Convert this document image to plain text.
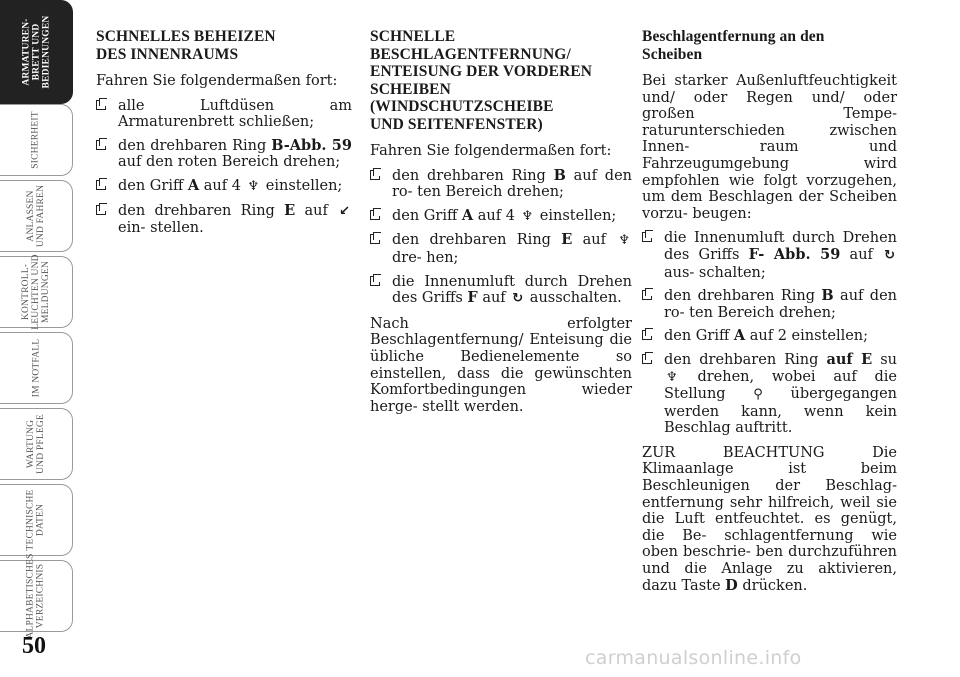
ARMATUREN-
BRETT UND
BEDIENUNGEN
SICHERHEIT
ANLASSEN
UND FAHREN
KONTROLL-
LEUCHTEN UND
MELDUNGEN
IM NOTFALL
WARTUNG
UND PFLEGE
TECHNISCHE
DATEN
ALPHABETISCHES
VERZEICHNIS
50
SCHNELLES BEHEIZEN
DES INNENRAUMS

Fahren Sie folgendermaßen fort:

alle Luftdüsen am Armaturenbrett schließen;
den drehbaren Ring B-Abb. 59 auf den roten Bereich drehen;
den Griff A auf 4 ♆ einstellen;
den drehbaren Ring E auf ↙ein- stellen.
SCHNELLE
BESCHLAGENTFERNUNG/
ENTEISUNG DER VORDEREN
SCHEIBEN
(WINDSCHUTZSCHEIBE
UND SEITENFENSTER)

Fahren Sie folgendermaßen fort:

den drehbaren Ring B auf den ro- ten Bereich drehen;
den Griff A auf 4 ♆ einstellen;
den drehbaren Ring E auf ♆ dre- hen;
die Innenumluft durch Drehen des Griffs F auf ↻ ausschalten.

Nach erfolgter Beschlagentfernung/ Enteisung die übliche Bedienelemente so einstellen, dass die gewünschten Komfortbedingungen wieder herge- stellt werden.

Beschlagentfernung an den
Scheiben

Bei starker Außenluftfeuchtigkeit und/ oder Regen und/ oder großen Tempe- raturunterschieden zwischen Innen- raum und Fahrzeugumgebung wird empfohlen wie folgt vorzugehen, um dem Beschlagen der Scheiben vorzu- beugen:

die Innenumluft durch Drehen des Griffs F- Abb. 59 auf ↻ aus- schalten;
den drehbaren Ring B auf den ro- ten Bereich drehen;
den Griff A auf 2 einstellen;
den drehbaren Ring auf E su ♆ drehen, wobei auf die Stellung ⚲ übergegangen werden kann, wenn kein Beschlag auftritt.

ZUR BEACHTUNG Die Klimaanlage ist beim Beschleunigen der Beschlag- entfernung sehr hilfreich, weil sie die Luft entfeuchtet. es genügt, die Be- schlagentfernung wie oben beschrie- ben durchzuführen und die Anlage zu aktivieren, dazu Taste D drücken.

carmanualsonline.info
